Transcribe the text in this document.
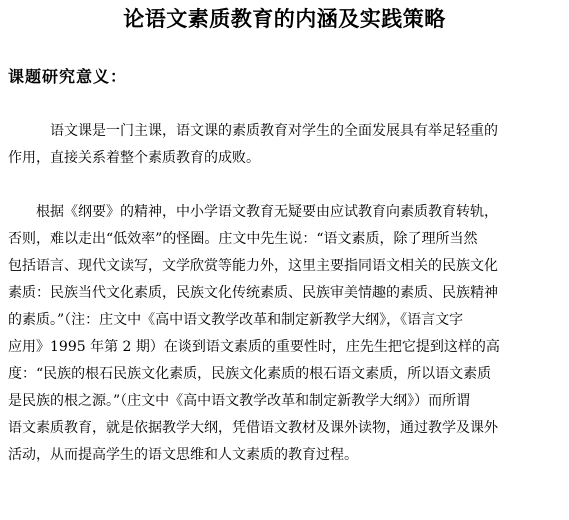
论语文素质教育的内涵及实践策略
课题研究意义：

语文课是一门主课，语文课的素质教育对学生的全面发展具有举足轻重的
作用，直接关系着整个素质教育的成败。

根据《纲要》的精神，中小学语文教育无疑要由应试教育向素质教育转轨，
否则，难以走出“低效率”的怪圈。庄文中先生说：“语文素质，除了理所当然
包括语言、现代文读写，文学欣赏等能力外，这里主要指同语文相关的民族文化
素质：民族当代文化素质，民族文化传统素质、民族审美情趣的素质、民族精神
的素质。”（注：庄文中《高中语文教学改革和制定新教学大纲》，《语言文字
应用》1995 年第 2 期）在谈到语文素质的重要性时，庄先生把它提到这样的高
度：“民族的根石民族文化素质，民族文化素质的根石语文素质，所以语文素质
是民族的根之源。”（庄文中《高中语文教学改革和制定新教学大纲》）而所谓
语文素质教育，就是依据教学大纲，凭借语文教材及课外读物，通过教学及课外
活动，从而提高学生的语文思维和人文素质的教育过程。
